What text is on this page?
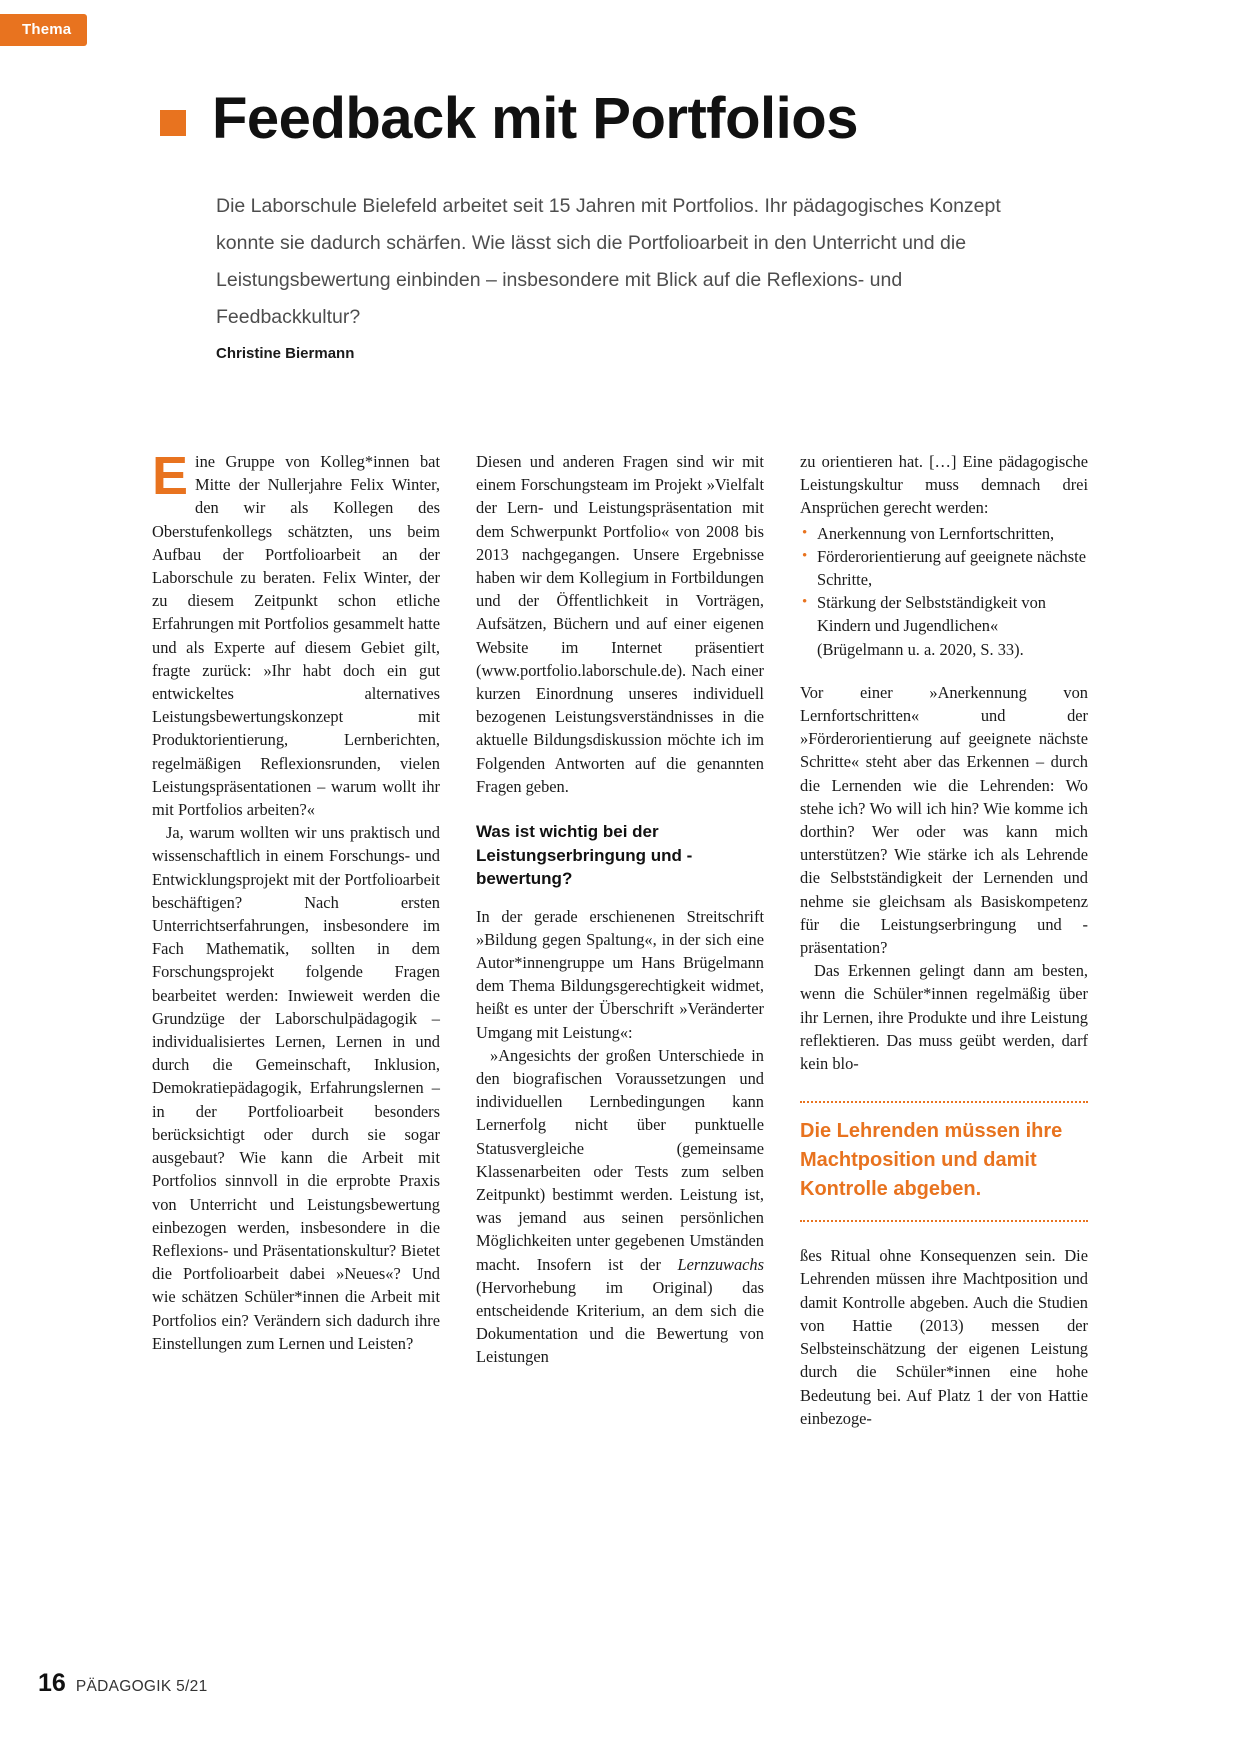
Thema
Feedback mit Portfolios
Die Laborschule Bielefeld arbeitet seit 15 Jahren mit Portfolios. Ihr pädagogisches Konzept konnte sie dadurch schärfen. Wie lässt sich die Portfolioarbeit in den Unterricht und die Leistungsbewertung einbinden – insbesondere mit Blick auf die Reflexions- und Feedbackkultur?
Christine Biermann

Eine Gruppe von Kolleg*innen bat Mitte der Nullerjahre Felix Winter, den wir als Kollegen des Oberstufenkollegs schätzten, uns beim Aufbau der Portfolioarbeit an der Laborschule zu beraten. Felix Winter, der zu diesem Zeitpunkt schon etliche Erfahrungen mit Portfolios gesammelt hatte und als Experte auf diesem Gebiet gilt, fragte zurück: »Ihr habt doch ein gut entwickeltes alternatives Leistungsbewertungskonzept mit Produktorientierung, Lernberichten, regelmäßigen Reflexionsrunden, vielen Leistungspräsentationen – warum wollt ihr mit Portfolios arbeiten?«

Ja, warum wollten wir uns praktisch und wissenschaftlich in einem Forschungs- und Entwicklungsprojekt mit der Portfolioarbeit beschäftigen? Nach ersten Unterrichtserfahrungen, insbesondere im Fach Mathematik, sollten in dem Forschungsprojekt folgende Fragen bearbeitet werden: Inwieweit werden die Grundzüge der Laborschulpädagogik – individualisiertes Lernen, Lernen in und durch die Gemeinschaft, Inklusion, Demokratiepädagogik, Erfahrungslernen – in der Portfolioarbeit besonders berücksichtigt oder durch sie sogar ausgebaut? Wie kann die Arbeit mit Portfolios sinnvoll in die erprobte Praxis von Unterricht und Leistungsbewertung einbezogen werden, insbesondere in die Reflexions- und Präsentationskultur? Bietet die Portfolioarbeit dabei »Neues«? Und wie schätzen Schüler*innen die Arbeit mit Portfolios ein? Verändern sich dadurch ihre Einstellungen zum Lernen und Leisten?

Diesen und anderen Fragen sind wir mit einem Forschungsteam im Projekt »Vielfalt der Lern- und Leistungspräsentation mit dem Schwerpunkt Portfolio« von 2008 bis 2013 nachgegangen. Unsere Ergebnisse haben wir dem Kollegium in Fortbildungen und der Öffentlichkeit in Vorträgen, Aufsätzen, Büchern und auf einer eigenen Website im Internet präsentiert (www.portfolio.laborschule.de). Nach einer kurzen Einordnung unseres individuell bezogenen Leistungsverständnisses in die aktuelle Bildungsdiskussion möchte ich im Folgenden Antworten auf die genannten Fragen geben.

Was ist wichtig bei der Leistungserbringung und -bewertung?

In der gerade erschienenen Streitschrift »Bildung gegen Spaltung«, in der sich eine Autor*innengruppe um Hans Brügelmann dem Thema Bildungsgerechtigkeit widmet, heißt es unter der Überschrift »Veränderter Umgang mit Leistung«:

»Angesichts der großen Unterschiede in den biografischen Voraussetzungen und individuellen Lernbedingungen kann Lernerfolg nicht über punktuelle Statusvergleiche (gemeinsame Klassenarbeiten oder Tests zum selben Zeitpunkt) bestimmt werden. Leistung ist, was jemand aus seinen persönlichen Möglichkeiten unter gegebenen Umständen macht. Insofern ist der Lernzuwachs (Hervorhebung im Original) das entscheidende Kriterium, an dem sich die Dokumentation und die Bewertung von Leistungen

zu orientieren hat. […] Eine pädagogische Leistungskultur muss demnach drei Ansprüchen gerecht werden:

• Anerkennung von Lernfortschritten,
• Förderorientierung auf geeignete nächste Schritte,
• Stärkung der Selbstständigkeit von Kindern und Jugendlichen« (Brügelmann u. a. 2020, S. 33).

Vor einer »Anerkennung von Lernfortschritten« und der »Förderorientierung auf geeignete nächste Schritte« steht aber das Erkennen – durch die Lernenden wie die Lehrenden: Wo stehe ich? Wo will ich hin? Wie komme ich dorthin? Wer oder was kann mich unterstützen? Wie stärke ich als Lehrende die Selbstständigkeit der Lernenden und nehme sie gleichsam als Basiskompetenz für die Leistungserbringung und -präsentation?

Das Erkennen gelingt dann am besten, wenn die Schüler*innen regelmäßig über ihr Lernen, ihre Produkte und ihre Leistung reflektieren. Das muss geübt werden, darf kein blo-

Die Lehrenden müssen ihre Machtposition und damit Kontrolle abgeben.

ßes Ritual ohne Konsequenzen sein. Die Lehrenden müssen ihre Machtposition und damit Kontrolle abgeben. Auch die Studien von Hattie (2013) messen der Selbsteinschätzung der eigenen Leistung durch die Schüler*innen eine hohe Bedeutung bei. Auf Platz 1 der von Hattie einbezoge-

16 PÄDAGOGIK 5/21
